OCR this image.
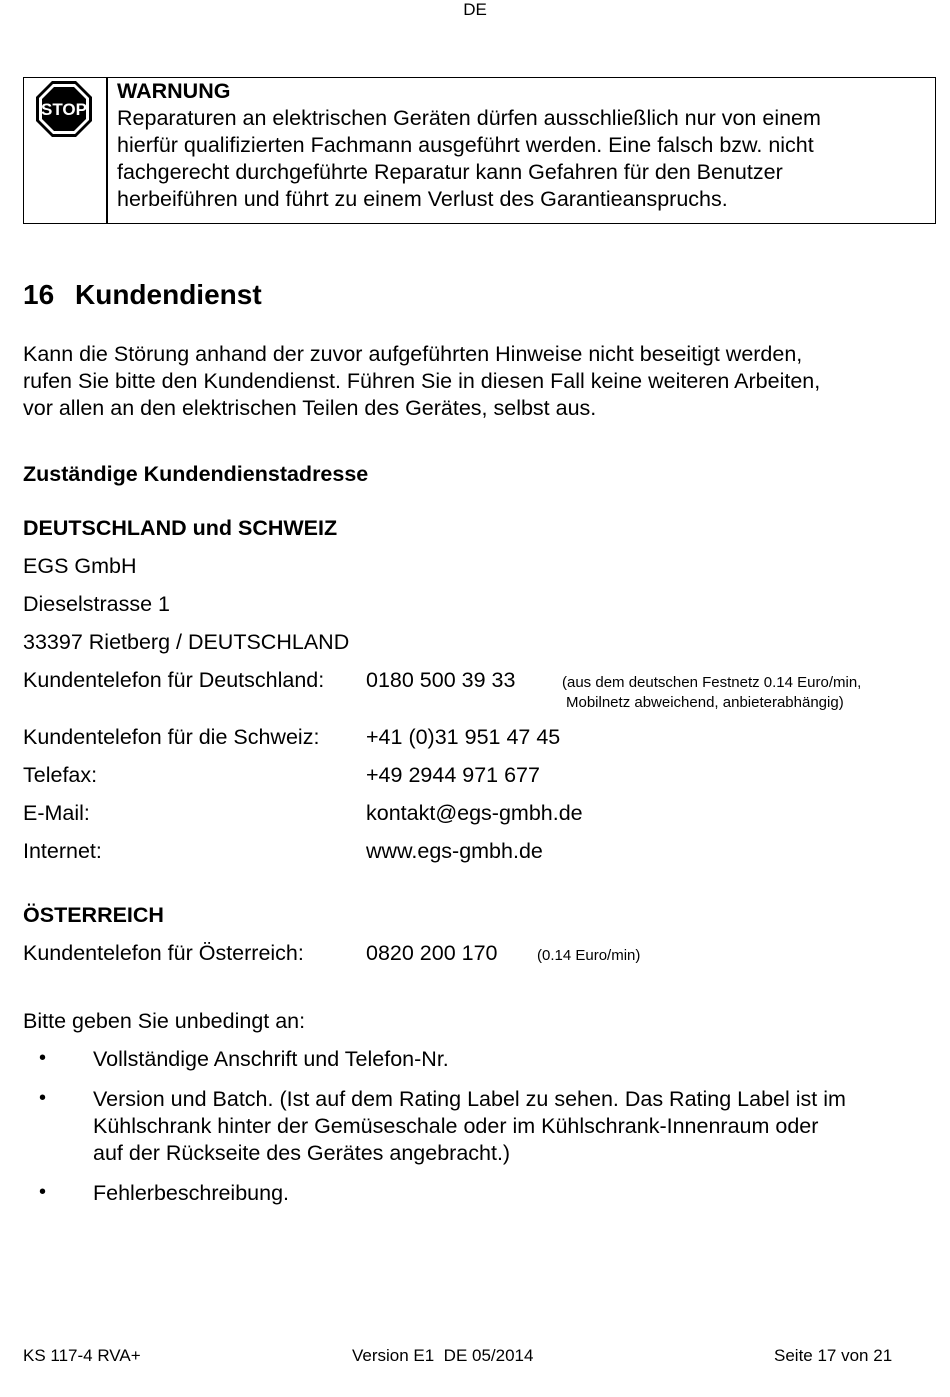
DE
STOP
WARNUNG
Reparaturen an elektrischen Geräten dürfen ausschließlich nur von einem
hierfür qualifizierten Fachmann ausgeführt werden. Eine falsch bzw. nicht
fachgerecht durchgeführte Reparatur kann Gefahren für den Benutzer
herbeiführen und führt zu einem Verlust des Garantieanspruchs.
16 Kundendienst
Kann die Störung anhand der zuvor aufgeführten Hinweise nicht beseitigt werden,
rufen Sie bitte den Kundendienst. Führen Sie in diesen Fall keine weiteren Arbeiten,
vor allen an den elektrischen Teilen des Gerätes, selbst aus.
Zuständige Kundendienstadresse
DEUTSCHLAND und SCHWEIZ
EGS GmbH
Dieselstrasse 1
33397 Rietberg / DEUTSCHLAND
Kundentelefon für Deutschland: 0180 500 39 33	(aus dem deutschen Festnetz 0.14 Euro/min,
Mobilnetz abweichend, anbieterabhängig)
Kundentelefon für die Schweiz: +41 (0)31 951 47 45
Telefax:	+49 2944 971 677
E-Mail:	kontakt@egs-gmbh.de
Internet:	www.egs-gmbh.de
ÖSTERREICH
Kundentelefon für Österreich:	0820 200 170	(0.14 Euro/min)
Bitte geben Sie unbedingt an:
• Vollständige Anschrift und Telefon-Nr.
• Version und Batch. (Ist auf dem Rating Label zu sehen. Das Rating Label ist im
Kühlschrank hinter der Gemüseschale oder im Kühlschrank-Innenraum oder
auf der Rückseite des Gerätes angebracht.)
• Fehlerbeschreibung.
KS 117-4 RVA+	Version E1  DE 05/2014	Seite 17 von 21
